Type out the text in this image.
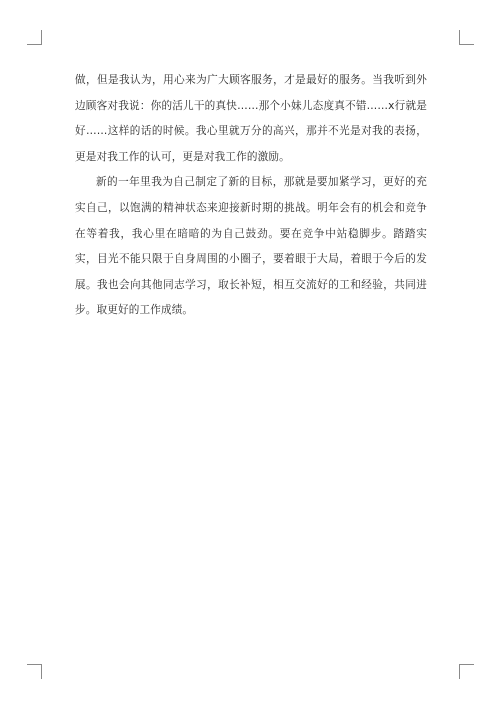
做，但是我认为，用心来为广大顾客服务，才是最好的服务。当我听到外边顾客对我说：你的活儿干的真快……那个小妹儿态度真不错……x行就是好……这样的话的时候。我心里就万分的高兴，那并不光是对我的表扬，更是对我工作的认可，更是对我工作的激励。

新的一年里我为自己制定了新的目标，那就是要加紧学习，更好的充实自己，以饱满的精神状态来迎接新时期的挑战。明年会有的机会和竞争在等着我，我心里在暗暗的为自己鼓劲。要在竞争中站稳脚步。踏踏实实，目光不能只限于自身周围的小圈子，要着眼于大局，着眼于今后的发展。我也会向其他同志学习，取长补短，相互交流好的工和经验，共同进步。取更好的工作成绩。
